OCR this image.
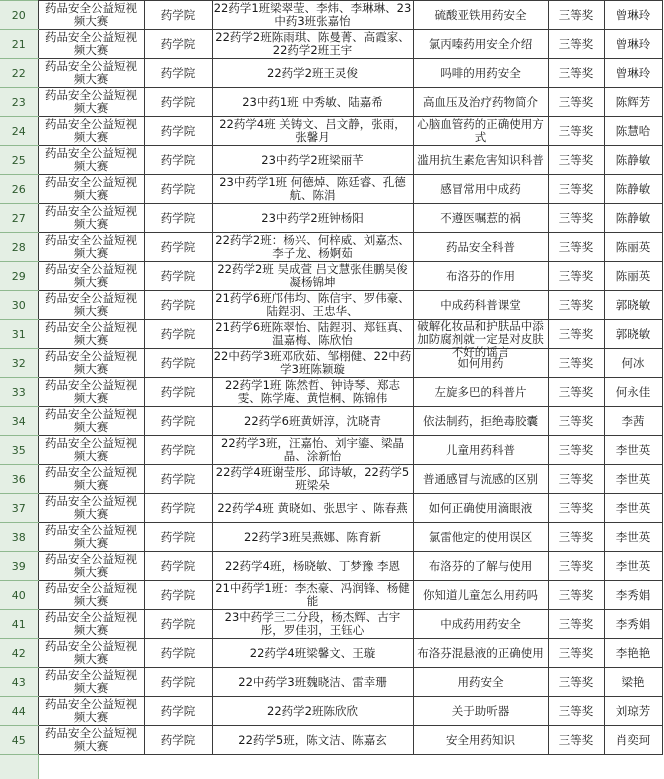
20	药品安全公益短视频大赛	药学院	22药学1班梁翠莹、李炜、李琳琳、23中药3班张嘉怡	硫酸亚铁用药安全	三等奖	曾琳玲

21	药品安全公益短视频大赛	药学院	22药学2班陈雨琪、陈曼菁、高霞家、22药学2班王宇	氯丙嗪药用安全介绍	三等奖	曾琳玲

22	药品安全公益短视频大赛	药学院	22药学2班王灵俊	吗啡的用药安全	三等奖	曾琳玲

23	药品安全公益短视频大赛	药学院	23中药1班 中秀敏、陆嘉希	高血压及治疗药物简介	三等奖	陈辉芳

24	药品安全公益短视频大赛	药学院	22药学4班 关铸文、吕文静，张雨，张馨月	心脑血管药的正确使用方式	三等奖	陈慧哈

25	药品安全公益短视频大赛	药学院	23中药学2班梁丽芊	滥用抗生素危害知识科普	三等奖	陈静敏

26	药品安全公益短视频大赛	药学院	23中药学1班 何德焯、陈廷睿、孔德航、陈涓	感冒常用中成药	三等奖	陈静敏

27	药品安全公益短视频大赛	药学院	23中药学2班钟杨阳	不遵医嘱惹的祸	三等奖	陈静敏

28	药品安全公益短视频大赛	药学院	22药学2班：杨兴、何梓威、刘嘉杰、李子龙、杨婀茹	药品安全科普	三等奖	陈丽英

29	药品安全公益短视频大赛	药学院	22药学2班 吴成萱 吕文慧张佳鹏吴俊凝杨锦坤	布洛芬的作用	三等奖	陈丽英

30	药品安全公益短视频大赛	药学院	21药学6班邝伟均、陈信宇、罗伟豪、陆鋥羽、王忠华、	中成药科普课堂	三等奖	郭晓敏

31	药品安全公益短视频大赛	药学院	21药学6班陈翠怡、陆鋥羽、郑钰真、温嘉梅、陈欣怡	破解化妆品和护肤品中添加防腐剂就一定是对皮肤不好的谣言	三等奖	郭晓敏

32	药品安全公益短视频大赛	药学院	22中药学3班邓欣茹、邹栩健、22中药学3班陈颖璇	如何用药	三等奖	何冰

33	药品安全公益短视频大赛	药学院	22药学1班 陈然哲、钟诗琴、郑志雯、陈学庵、黄恺桐、陈锦伟	左旋多巴的科普片	三等奖	何永佳

34	药品安全公益短视频大赛	药学院	22药学6班黄妍淳，沈晓青	依法制药，拒绝毒胶囊	三等奖	李茜

35	药品安全公益短视频大赛	药学院	22药学3班，汪嘉怡、刘宇鎏、梁晶晶、涂新怡	儿童用药科普	三等奖	李世英

36	药品安全公益短视频大赛	药学院	22药学4班谢莹彤、邱诗敏，22药学5班梁朵	普通感冒与流感的区别	三等奖	李世英

37	药品安全公益短视频大赛	药学院	22药学4班 黄晓如、张思宇 、陈春燕	如何正确使用滴眼液	三等奖	李世英

38	药品安全公益短视频大赛	药学院	22药学3班吴燕娜、陈育新	氯雷他定的使用误区	三等奖	李世英

39	药品安全公益短视频大赛	药学院	22药学4班，杨晓敏、丁梦豫 李恩	布洛芬的了解与使用	三等奖	李世英

40	药品安全公益短视频大赛	药学院	21中药学1班：李杰豪、冯润锋、杨健能	你知道儿童怎么用药吗	三等奖	李秀娟

41	药品安全公益短视频大赛	药学院	23中药学三二分段，杨杰辉、古宇彤，罗佳羽，王钰心	中成药用药安全	三等奖	李秀娟

42	药品安全公益短视频大赛	药学院	22药学4班梁馨文、王璇	布洛芬混悬液的正确使用	三等奖	李艳艳

43	药品安全公益短视频大赛	药学院	22中药学3班魏晓洁、雷幸珊	用药安全	三等奖	梁艳

44	药品安全公益短视频大赛	药学院	22药学2班陈欣欣	关于助听器	三等奖	刘琼芳

45	药品安全公益短视频大赛	药学院	22药学5班，陈文洁、陈嘉玄	安全用药知识	三等奖	肖奕珂
